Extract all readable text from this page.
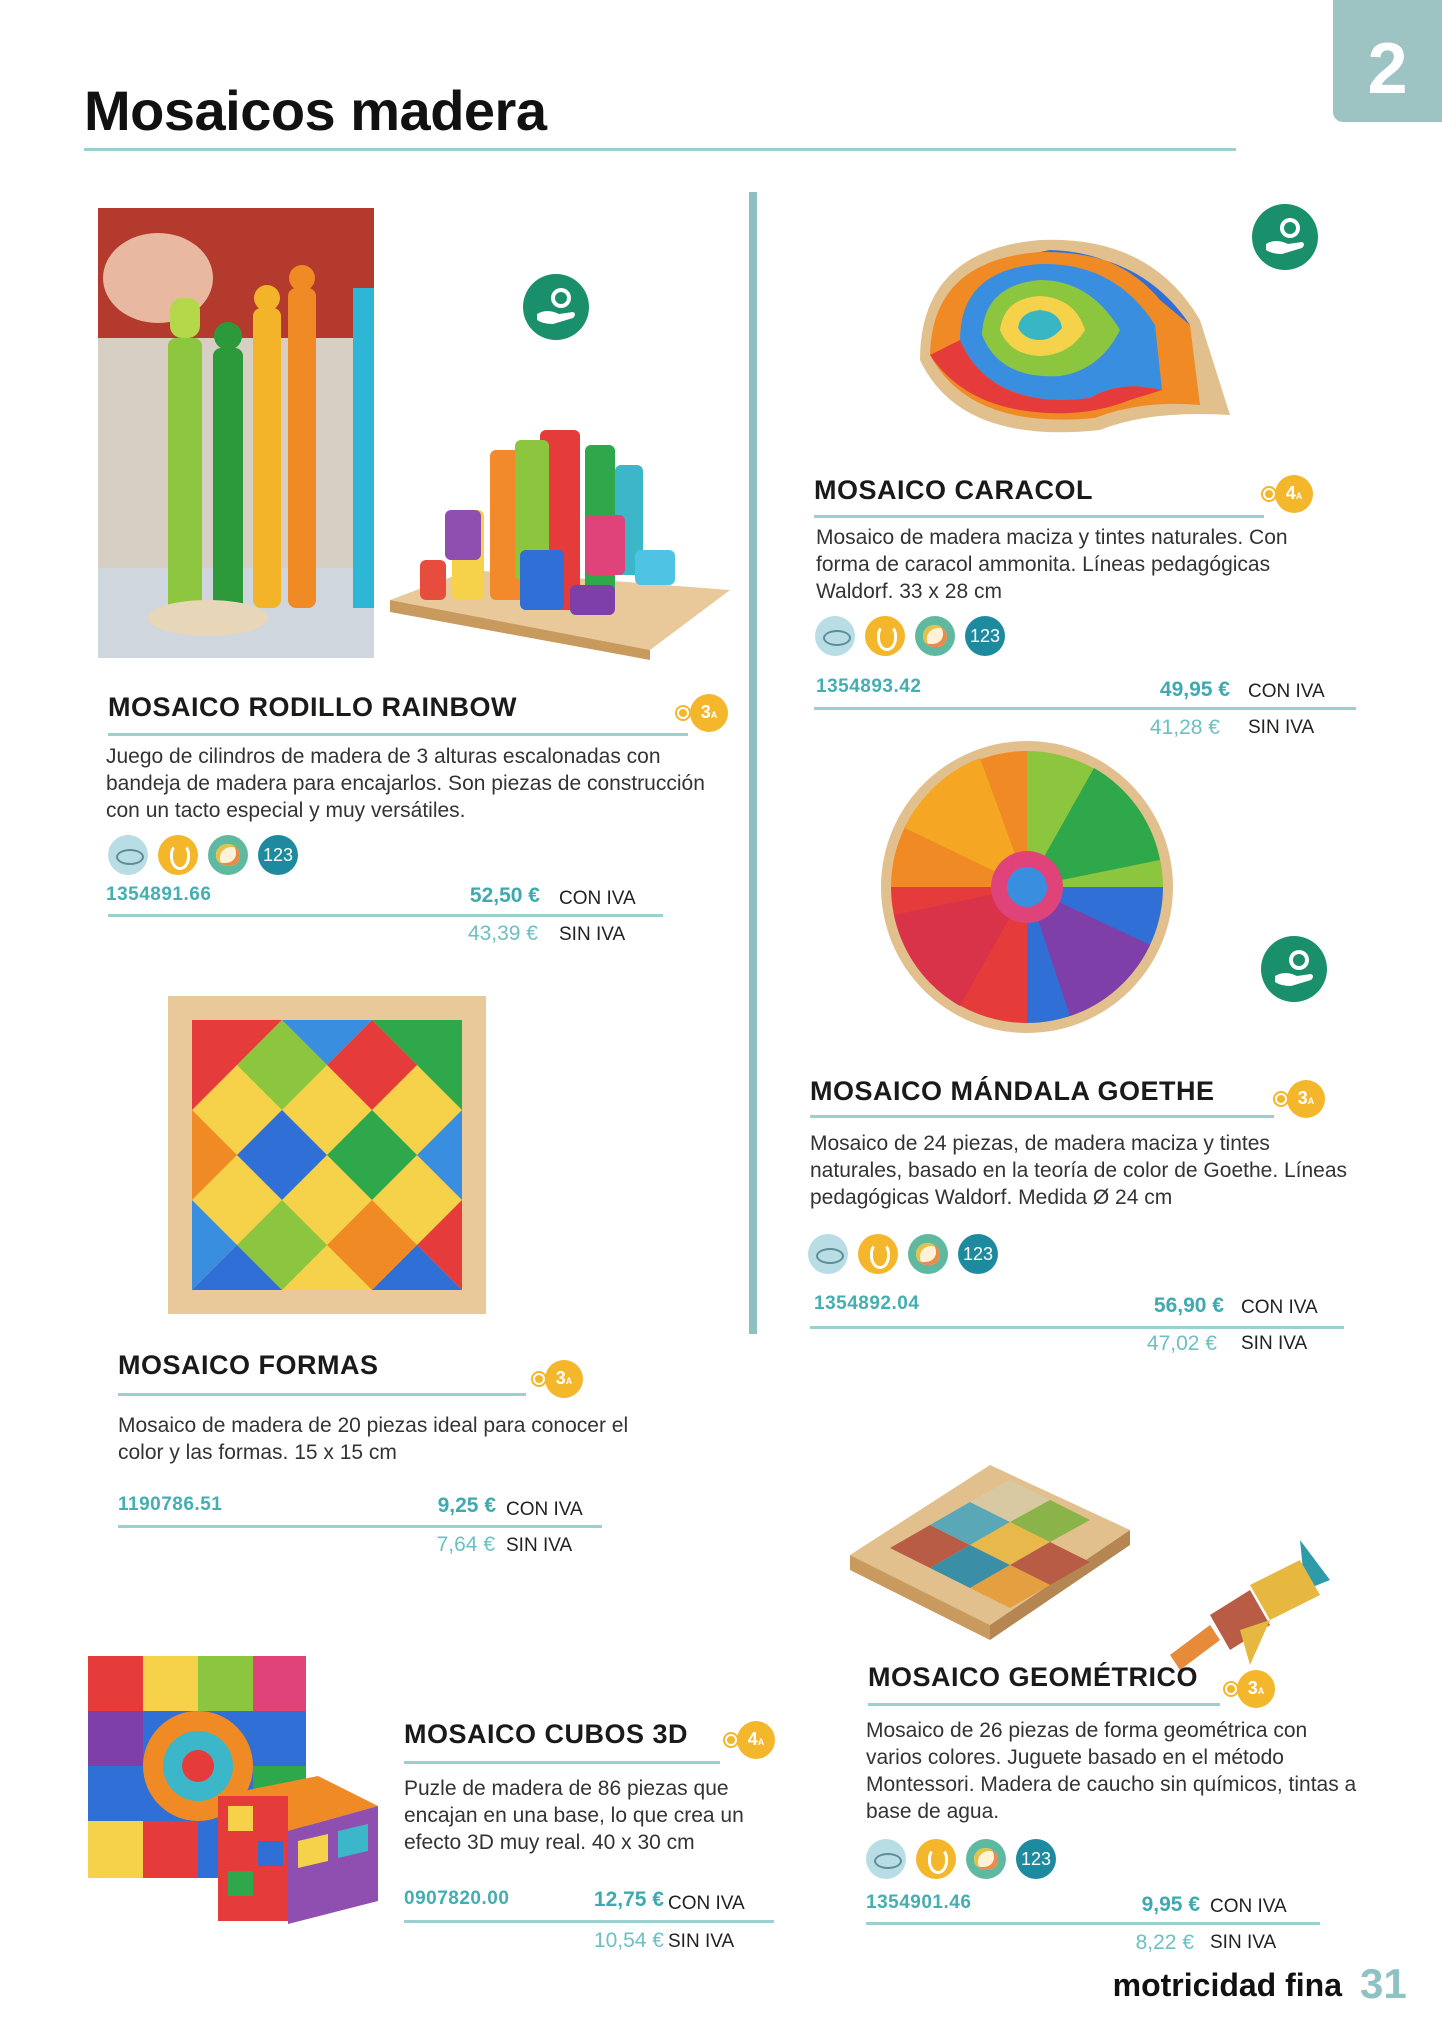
Mosaicos madera
2
MOSAICO RODILLO RAINBOW	3A
Juego de cilindros de madera de 3 alturas escalonadas con bandeja de madera para encajarlos. Son piezas de construcción con un tacto especial y muy versátiles.
123
1354891.66	52,50 € CON IVA
43,39 € SIN IVA
MOSAICO CARACOL	4A
Mosaico de madera maciza y tintes naturales. Con forma de caracol ammonita. Líneas pedagógicas Waldorf. 33 x 28 cm
123
1354893.42	49,95 € CON IVA
41,28 € SIN IVA
MOSAICO MÁNDALA GOETHE	3A
Mosaico de 24 piezas, de madera maciza y tintes naturales, basado en la teoría de color de Goethe. Líneas pedagógicas Waldorf. Medida Ø 24 cm
123
1354892.04	56,90 € CON IVA
47,02 € SIN IVA
MOSAICO FORMAS	3A
Mosaico de madera de 20 piezas ideal para conocer el color y las formas. 15 x 15 cm
1190786.51	9,25 € CON IVA
7,64 € SIN IVA
MOSAICO CUBOS 3D	4A
Puzle de madera de 86 piezas que encajan en una base, lo que crea un efecto 3D muy real. 40 x 30 cm
0907820.00	12,75 € CON IVA
10,54 € SIN IVA
MOSAICO GEOMÉTRICO	3A
Mosaico de 26 piezas de forma geométrica con varios colores. Juguete basado en el método Montessori. Madera de caucho sin químicos, tintas a base de agua.
123
1354901.46	9,95 € CON IVA
8,22 € SIN IVA
motricidad fina 31
